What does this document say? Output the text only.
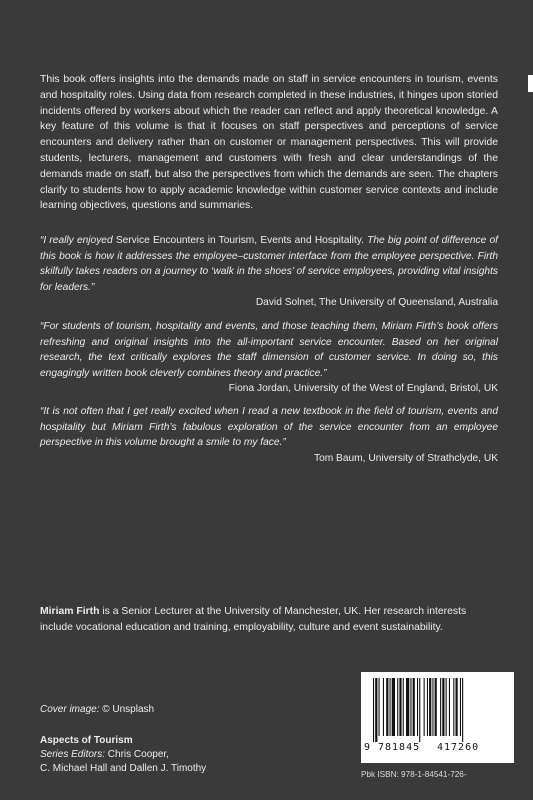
This book offers insights into the demands made on staff in service encounters in tourism, events and hospitality roles. Using data from research completed in these industries, it hinges upon storied incidents offered by workers about which the reader can reflect and apply theoretical knowledge. A key feature of this volume is that it focuses on staff perspectives and perceptions of service encounters and delivery rather than on customer or management perspectives. This will provide students, lecturers, management and customers with fresh and clear understandings of the demands made on staff, but also the perspectives from which the demands are seen. The chapters clarify to students how to apply academic knowledge within customer service contexts and include learning objectives, questions and summaries.

“I really enjoyed Service Encounters in Tourism, Events and Hospitality. The big point of difference of this book is how it addresses the employee–customer interface from the employee perspective. Firth skilfully takes readers on a journey to ‘walk in the shoes’ of service employees, providing vital insights for leaders.”

David Solnet, The University of Queensland, Australia

“For students of tourism, hospitality and events, and those teaching them, Miriam Firth’s book offers refreshing and original insights into the all-important service encounter. Based on her original research, the text critically explores the staff dimension of customer service. In doing so, this engagingly written book cleverly combines theory and practice.”

Fiona Jordan, University of the West of England, Bristol, UK

“It is not often that I get really excited when I read a new textbook in the field of tourism, events and hospitality but Miriam Firth’s fabulous exploration of the service encounter from an employee perspective in this volume brought a smile to my face.”

Tom Baum, University of Strathclyde, UK

Miriam Firth is a Senior Lecturer at the University of Manchester, UK. Her research interests include vocational education and training, employability, culture and event sustainability.

Cover image: © Unsplash
Aspects of Tourism
Series Editors: Chris Cooper,
C. Michael Hall and Dallen J. Timothy
9 781845 417260
Pbk ISBN: 978-1-84541-726-
